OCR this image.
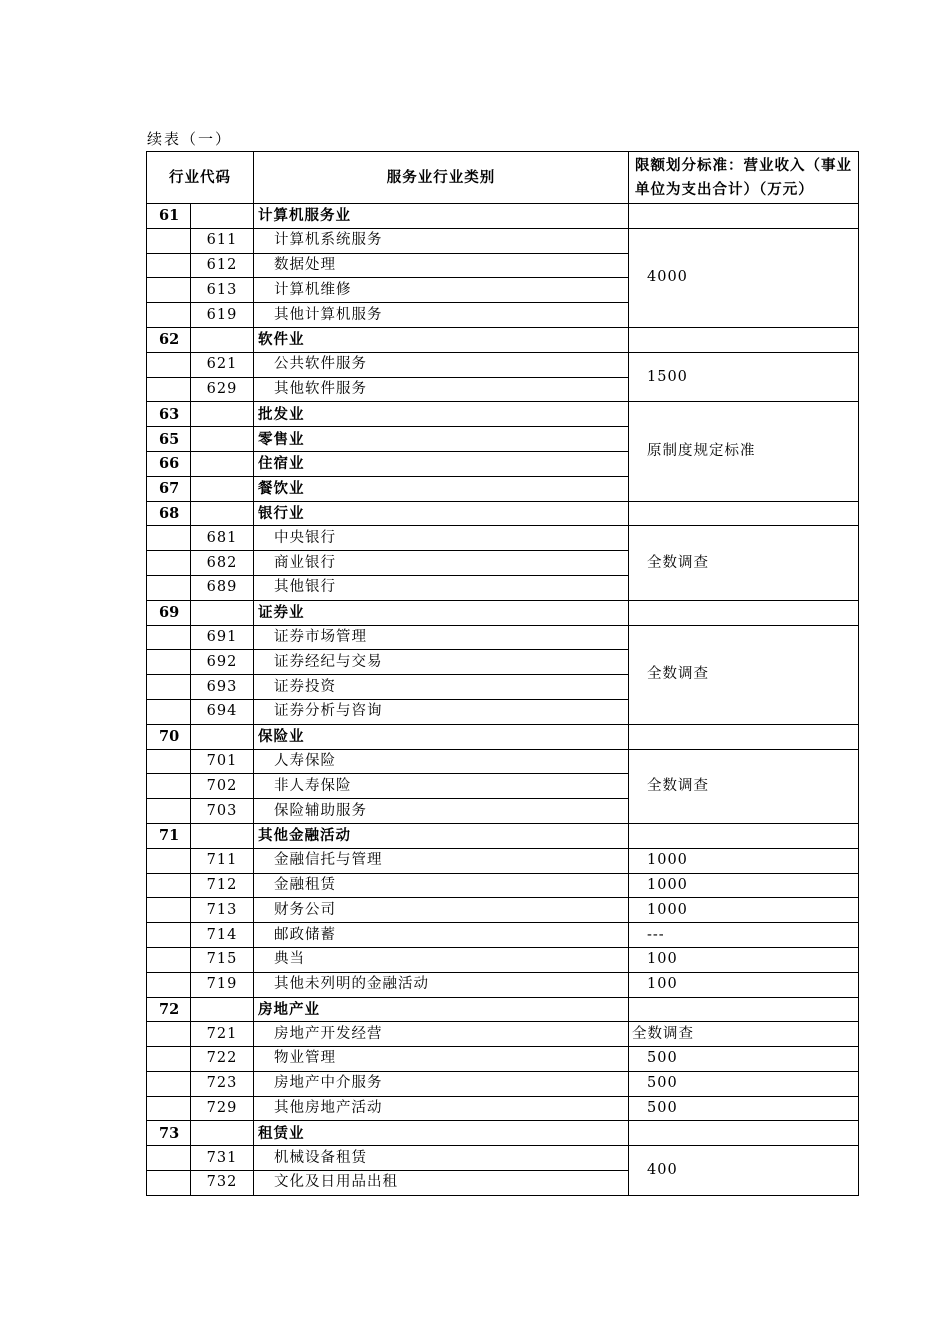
续表（一）
行业代码		服务业行业类别	限额划分标准：营业收入（事业单位为支出合计）（万元）
61		计算机服务业	
	611	计算机系统服务	4000
	612	数据处理	
	613	计算机维修	
	619	其他计算机服务	
62		软件业	
	621	公共软件服务	1500
	629	其他软件服务	
63		批发业	原制度规定标准
65		零售业	
66		住宿业	
67		餐饮业	
68		银行业	
	681	中央银行	全数调查
	682	商业银行	
	689	其他银行	
69		证券业	
	691	证券市场管理	全数调查
	692	证券经纪与交易	
	693	证券投资	
	694	证券分析与咨询	
70		保险业	
	701	人寿保险	全数调查
	702	非人寿保险	
	703	保险辅助服务	
71		其他金融活动	
	711	金融信托与管理	1000
	712	金融租赁	1000
	713	财务公司	1000
	714	邮政储蓄	---
	715	典当	100
	719	其他未列明的金融活动	100
72		房地产业	
	721	房地产开发经营	全数调查
	722	物业管理	500
	723	房地产中介服务	500
	729	其他房地产活动	500
73		租赁业	
	731	机械设备租赁	400
	732	文化及日用品出租	
